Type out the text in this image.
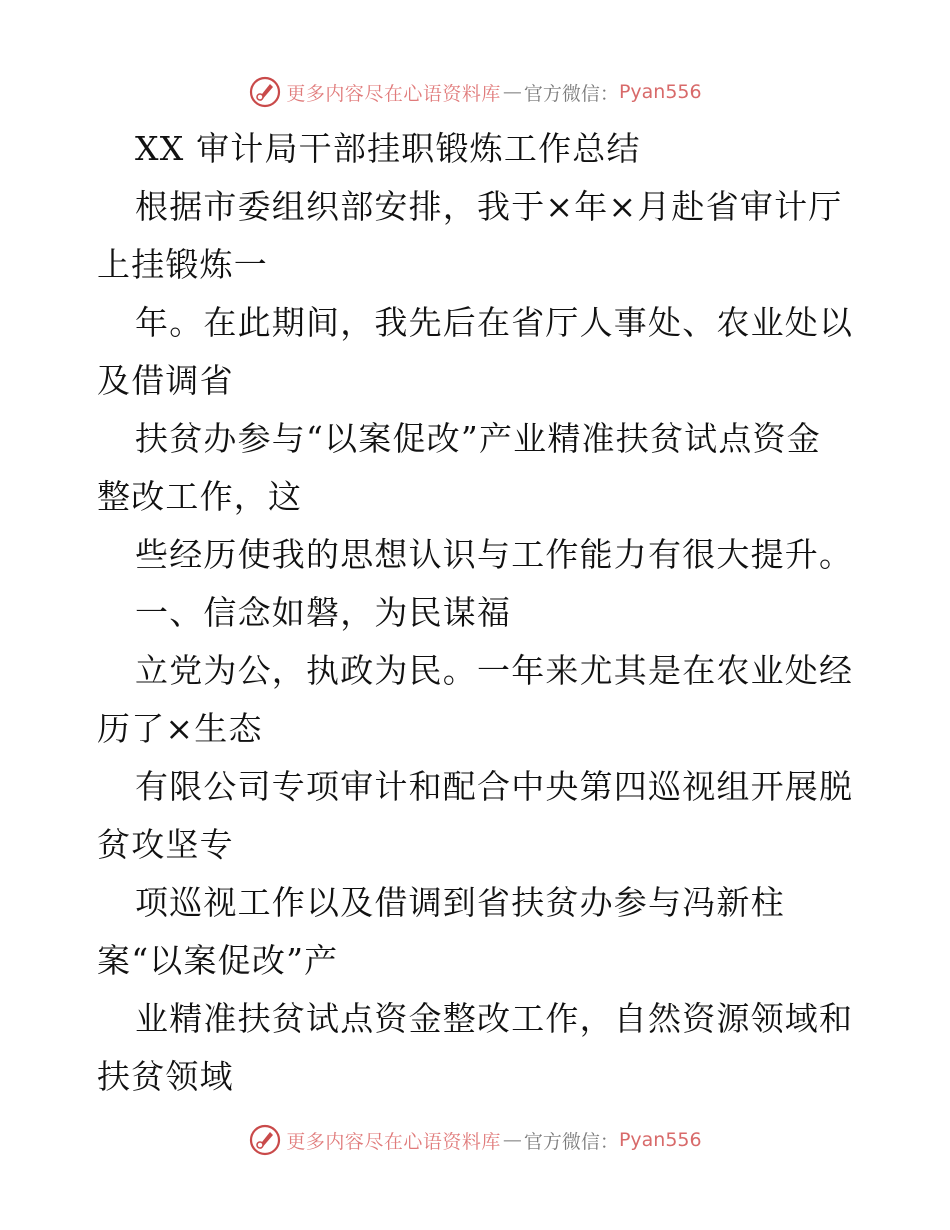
更多内容尽在心语资料库 — 官方微信： Pyan556
XX 审计局干部挂职锻炼工作总结
根据市委组织部安排，我于×年×月赴省审计厅
上挂锻炼一
年。在此期间，我先后在省厅人事处、农业处以
及借调省
扶贫办参与“以案促改”产业精准扶贫试点资金
整改工作，这
些经历使我的思想认识与工作能力有很大提升。
一、信念如磐，为民谋福
立党为公，执政为民。一年来尤其是在农业处经
历了×生态
有限公司专项审计和配合中央第四巡视组开展脱
贫攻坚专
项巡视工作以及借调到省扶贫办参与冯新柱
案“以案促改”产
业精准扶贫试点资金整改工作，自然资源领域和
扶贫领域
更多内容尽在心语资料库 — 官方微信： Pyan556
